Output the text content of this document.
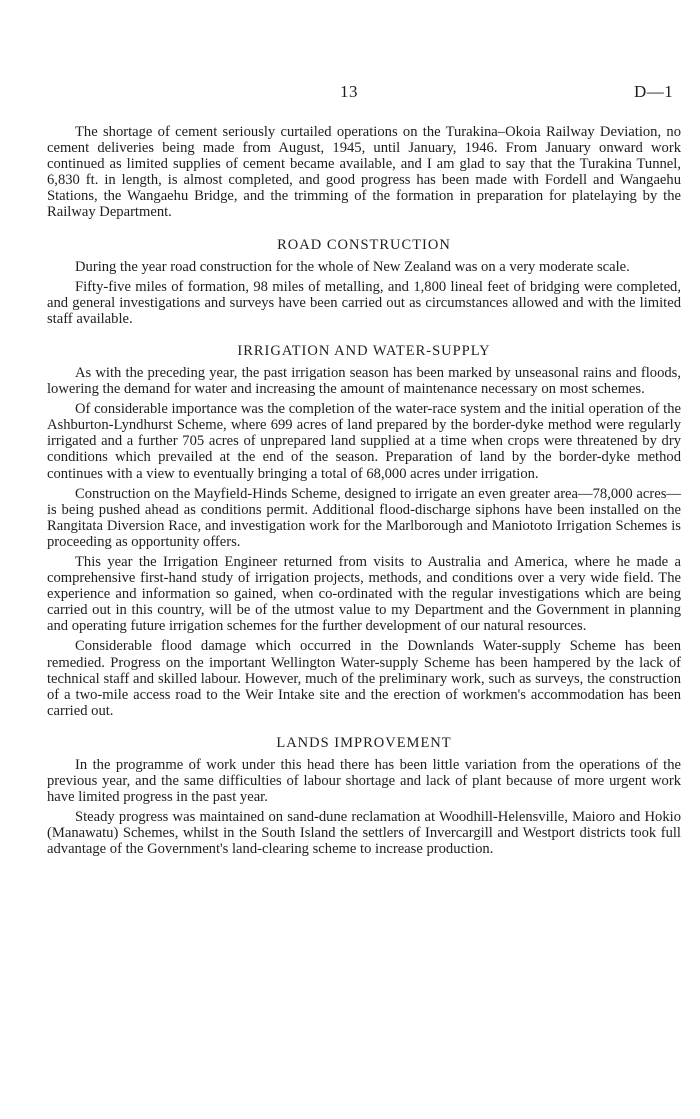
13	D—1

The shortage of cement seriously curtailed operations on the Turakina–Okoia Railway Deviation, no cement deliveries being made from August, 1945, until January, 1946. From January onward work continued as limited supplies of cement became available, and I am glad to say that the Turakina Tunnel, 6,830 ft. in length, is almost completed, and good progress has been made with Fordell and Wangaehu Stations, the Wangaehu Bridge, and the trimming of the formation in preparation for platelaying by the Railway Department.

ROAD CONSTRUCTION

During the year road construction for the whole of New Zealand was on a very moderate scale.

Fifty-five miles of formation, 98 miles of metalling, and 1,800 lineal feet of bridging were completed, and general investigations and surveys have been carried out as circumstances allowed and with the limited staff available.

IRRIGATION AND WATER-SUPPLY

As with the preceding year, the past irrigation season has been marked by unseasonal rains and floods, lowering the demand for water and increasing the amount of maintenance necessary on most schemes.

Of considerable importance was the completion of the water-race system and the initial operation of the Ashburton-Lyndhurst Scheme, where 699 acres of land prepared by the border-dyke method were regularly irrigated and a further 705 acres of unprepared land supplied at a time when crops were threatened by dry conditions which prevailed at the end of the season. Preparation of land by the border-dyke method continues with a view to eventually bringing a total of 68,000 acres under irrigation.

Construction on the Mayfield-Hinds Scheme, designed to irrigate an even greater area—78,000 acres—is being pushed ahead as conditions permit. Additional flood-discharge siphons have been installed on the Rangitata Diversion Race, and investigation work for the Marlborough and Maniototo Irrigation Schemes is proceeding as opportunity offers.

This year the Irrigation Engineer returned from visits to Australia and America, where he made a comprehensive first-hand study of irrigation projects, methods, and conditions over a very wide field. The experience and information so gained, when co-ordinated with the regular investigations which are being carried out in this country, will be of the utmost value to my Department and the Government in planning and operating future irrigation schemes for the further development of our natural resources.

Considerable flood damage which occurred in the Downlands Water-supply Scheme has been remedied. Progress on the important Wellington Water-supply Scheme has been hampered by the lack of technical staff and skilled labour. However, much of the preliminary work, such as surveys, the construction of a two-mile access road to the Weir Intake site and the erection of workmen's accommodation has been carried out.

LANDS IMPROVEMENT

In the programme of work under this head there has been little variation from the operations of the previous year, and the same difficulties of labour shortage and lack of plant because of more urgent work have limited progress in the past year.

Steady progress was maintained on sand-dune reclamation at Woodhill-Helensville, Maioro and Hokio (Manawatu) Schemes, whilst in the South Island the settlers of Invercargill and Westport districts took full advantage of the Government's land-clearing scheme to increase production.
